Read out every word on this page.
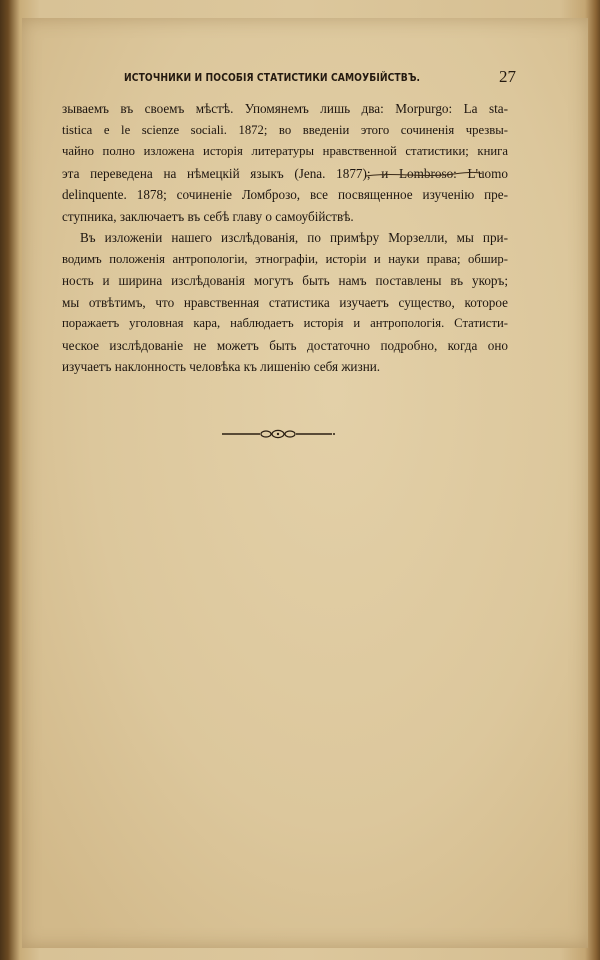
ИСТОЧНИКИ И ПОСОБІЯ СТАТИСТИКИ САМОУБІЙСТВЪ.	27
зываемъ въ своемъ мѣстѣ. Упомянемъ лишь два: Morpurgo: La sta-
tistica e le scienze sociali. 1872; во введеніи этого сочиненія чрезвы-
чайно полно изложена исторія литературы нравственной статистики; книга
эта переведена на нѣмецкій языкъ (Jena. 1877); и Lombroso: L'uomo
delinquente. 1878; сочиненіе Ломброзо, все посвященное изученію пре-
ступника, заключаетъ въ себѣ главу о самоубійствѣ.
Въ изложеніи нашего изслѣдованія, по примѣру Морзелли, мы при-
водимъ положенія антропологіи, этнографіи, исторіи и науки права; обшир-
ность и ширина изслѣдованія могутъ быть намъ поставлены въ укоръ;
мы отвѣтимъ, что нравственная статистика изучаетъ существо, которое
поражаетъ уголовная кара, наблюдаетъ исторія и антропологія. Статисти-
ческое изслѣдованіе не можетъ быть достаточно подробно, когда оно
изучаетъ наклонность человѣка къ лишенію себя жизни.
